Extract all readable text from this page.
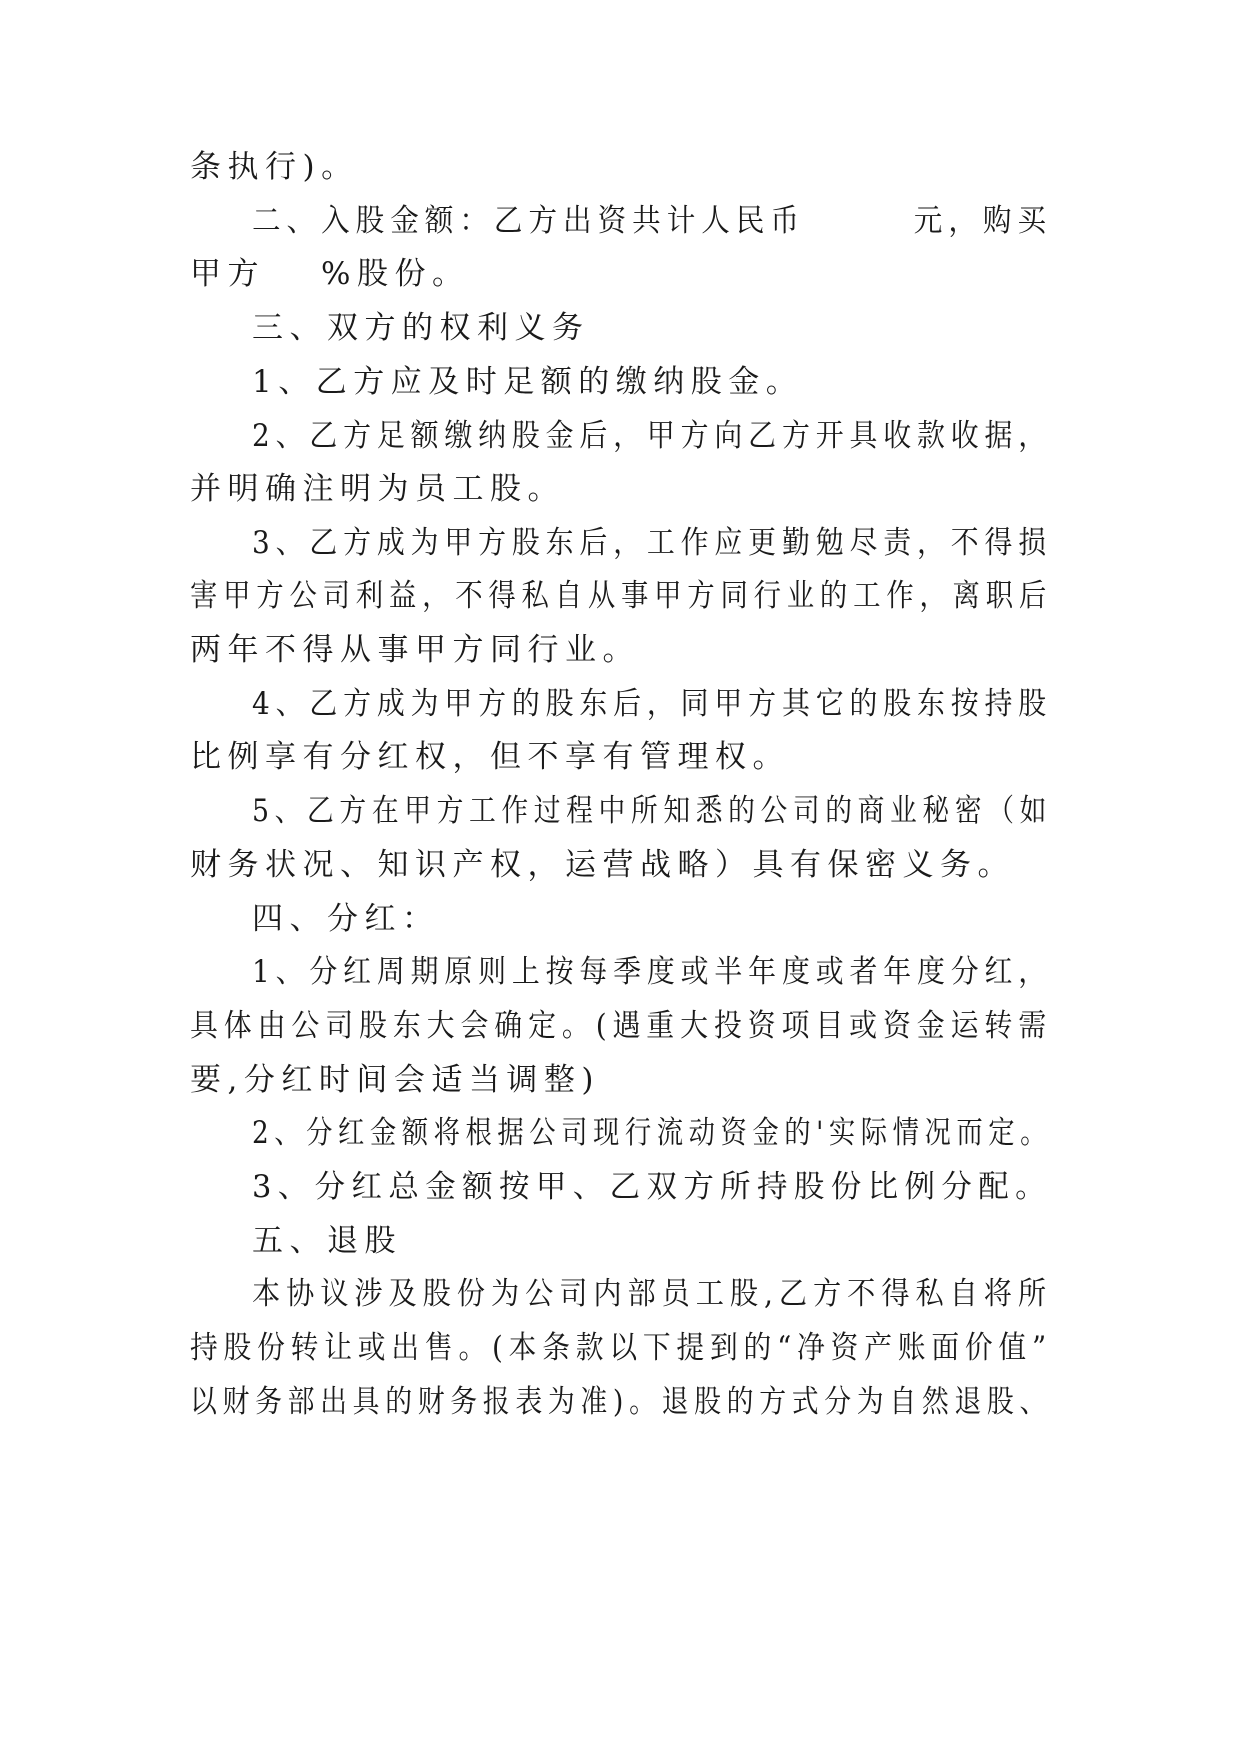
条执行)。
二、入股金额：乙方出资共计人民币	元，购买
甲方 %股份。
三、双方的权利义务
1、乙方应及时足额的缴纳股金。
2、乙方足额缴纳股金后，甲方向乙方开具收款收据，
并明确注明为员工股。
3、乙方成为甲方股东后，工作应更勤勉尽责，不得损
害甲方公司利益，不得私自从事甲方同行业的工作，离职后
两年不得从事甲方同行业。
4、乙方成为甲方的股东后，同甲方其它的股东按持股
比例享有分红权，但不享有管理权。
5、乙方在甲方工作过程中所知悉的公司的商业秘密（如
财务状况、知识产权，运营战略）具有保密义务。
四、分红：
1、分红周期原则上按每季度或半年度或者年度分红，
具体由公司股东大会确定。(遇重大投资项目或资金运转需
要,分红时间会适当调整)
2、分红金额将根据公司现行流动资金的'实际情况而定。
3、分红总金额按甲、乙双方所持股份比例分配。
五、退股
本协议涉及股份为公司内部员工股,乙方不得私自将所
持股份转让或出售。(本条款以下提到的“净资产账面价值”
以财务部出具的财务报表为准)。退股的方式分为自然退股、
